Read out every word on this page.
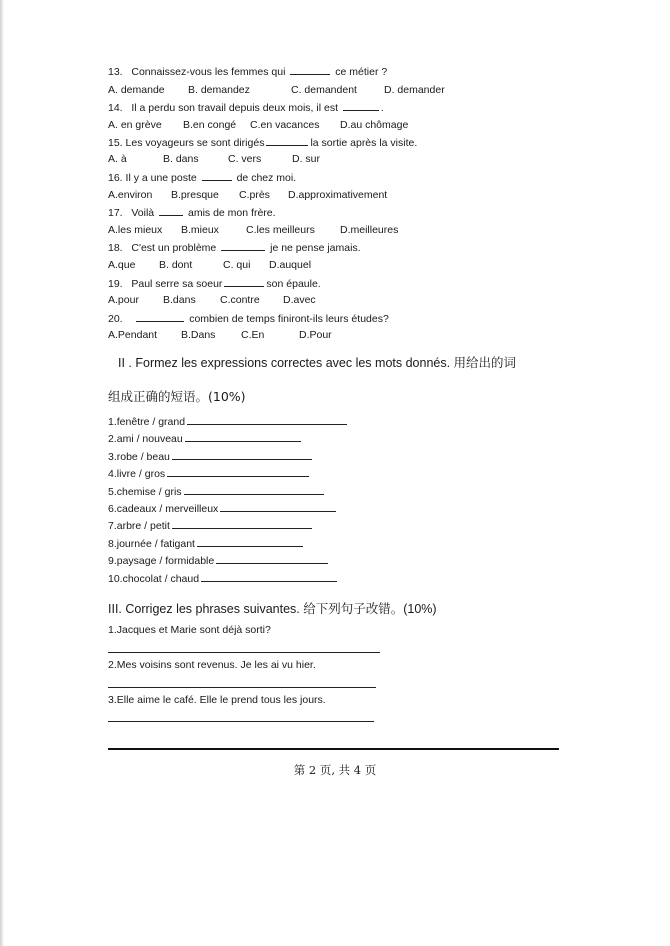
13. Connaissez-vous les femmes qui	ce métier ?
A. demande B. demandez	C. demandent	D. demander
14. Il a perdu son travail depuis deux mois, il est	.
A. en grève B.en congé C.en vacances D.au chômage
15. Les voyageurs se sont dirigés	la sortie après la visite.
A. à	B. dans	C. vers	D. sur
16. Il y a une poste	de chez moi.
A.environ B.presque C.près D.approximativement
17. Voilà	amis de mon frère.
A.les mieux B.mieux	C.les meilleurs D.meilleures
18. C'est un problème	je ne pense jamais.
A.que B. dont	C. qui D.auquel
19. Paul serre sa soeur	son épaule.
A.pour B.dans C.contre D.avec
20.	combien de temps finiront-ils leurs études?
A.Pendant B.Dans C.En	D.Pour
II . Formez les expressions correctes avec les mots donnés. 用给出的词
组成正确的短语。(10%)
1.fenêtre / grand
2.ami / nouveau
3.robe / beau
4.livre / gros
5.chemise / gris
6.cadeaux / merveilleux
7.arbre / petit
8.journée / fatigant
9.paysage / formidable
10.chocolat / chaud
III. Corrigez les phrases suivantes. 给下列句子改错。(10%)
1.Jacques et Marie sont déjà sorti?
2.Mes voisins sont revenus. Je les ai vu hier.
3.Elle aime le café. Elle le prend tous les jours.
第 2 页, 共 4 页
